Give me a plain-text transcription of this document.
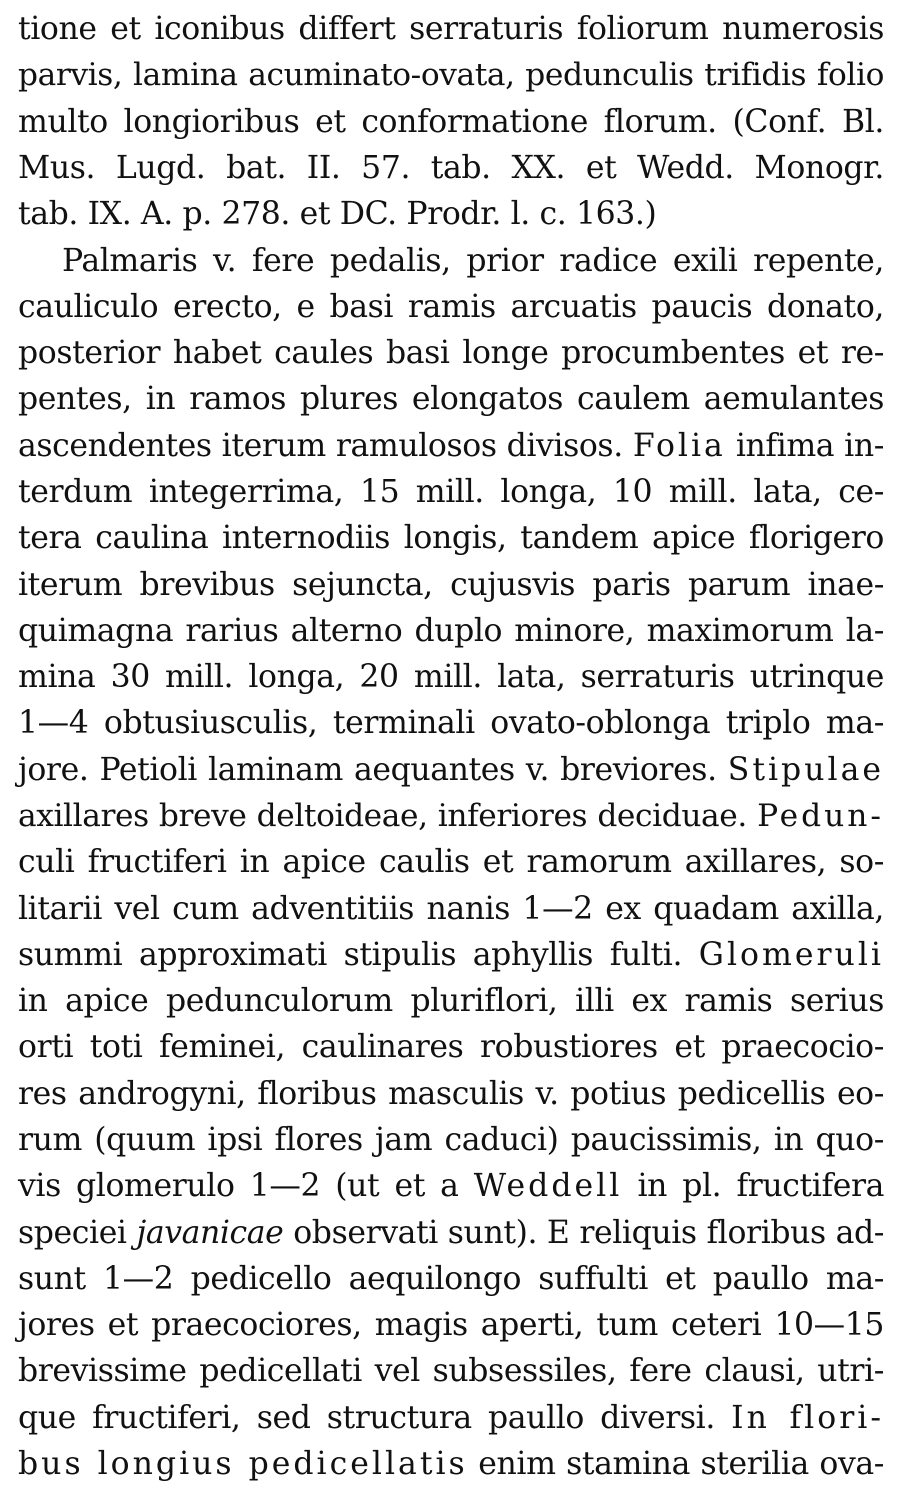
tione et iconibus differt serraturis foliorum numerosis
parvis, lamina acuminato-ovata, pedunculis trifidis folio
multo longioribus et conformatione florum. (Conf. Bl.
Mus. Lugd. bat. II. 57. tab. XX. et Wedd. Monogr.
tab. IX. A. p. 278. et DC. Prodr. l. c. 163.)
Palmaris v. fere pedalis, prior radice exili repente,
cauliculo erecto, e basi ramis arcuatis paucis donato,
posterior habet caules basi longe procumbentes et re-
pentes, in ramos plures elongatos caulem aemulantes
ascendentes iterum ramulosos divisos. Folia infima in-
terdum integerrima, 15 mill. longa, 10 mill. lata, ce-
tera caulina internodiis longis, tandem apice florigero
iterum brevibus sejuncta, cujusvis paris parum inae-
quimagna rarius alterno duplo minore, maximorum la-
mina 30 mill. longa, 20 mill. lata, serraturis utrinque
1—4 obtusiusculis, terminali ovato-oblonga triplo ma-
jore. Petioli laminam aequantes v. breviores. Stipulae
axillares breve deltoideae, inferiores deciduae. Pedun-
culi fructiferi in apice caulis et ramorum axillares, so-
litarii vel cum adventitiis nanis 1—2 ex quadam axilla,
summi approximati stipulis aphyllis fulti. Glomeruli
in apice pedunculorum pluriflori, illi ex ramis serius
orti toti feminei, caulinares robustiores et praecocio-
res androgyni, floribus masculis v. potius pedicellis eo-
rum (quum ipsi flores jam caduci) paucissimis, in quo-
vis glomerulo 1—2 (ut et a Weddell in pl. fructifera
speciei javanicae observati sunt). E reliquis floribus ad-
sunt 1—2 pedicello aequilongo suffulti et paullo ma-
jores et praecociores, magis aperti, tum ceteri 10—15
brevissime pedicellati vel subsessiles, fere clausi, utri-
que fructiferi, sed structura paullo diversi. In flori-
bus longius pedicellatis enim stamina sterilia ova-
